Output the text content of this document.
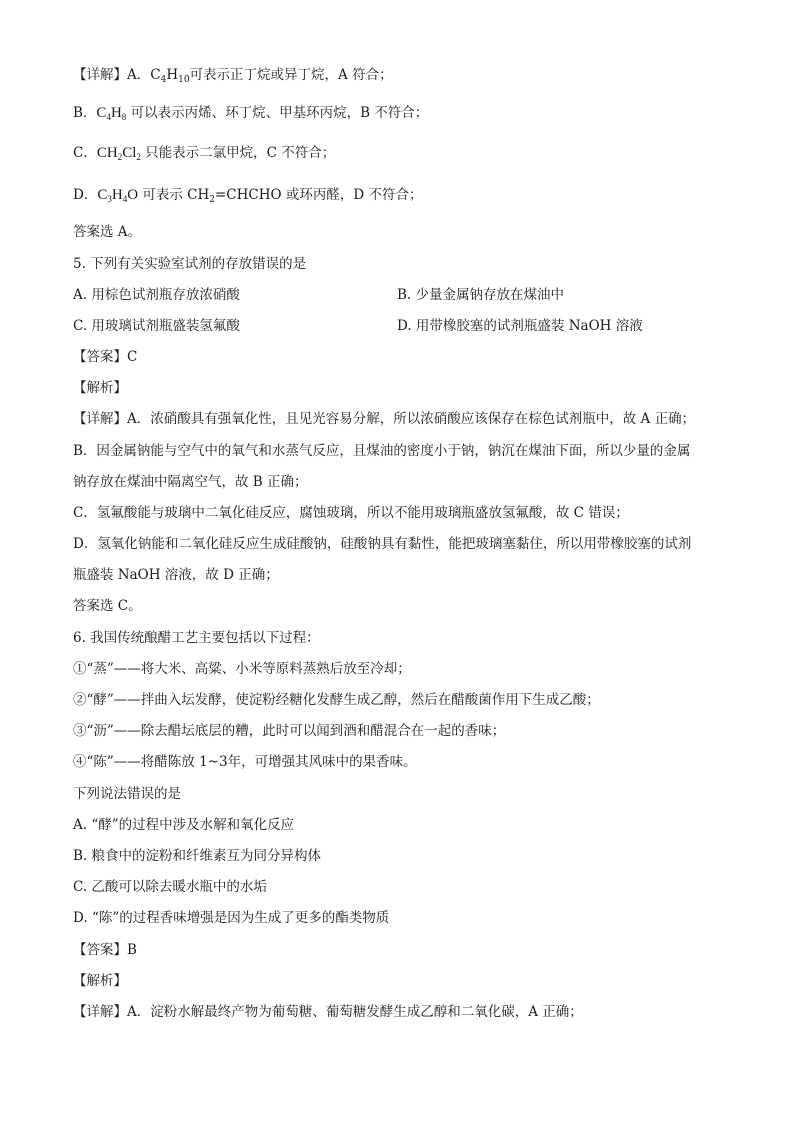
【详解】A．$C_4H_{10}$可表示正丁烷或异丁烷，A 符合；
B．$C_4H_8$ 可以表示丙烯、环丁烷、甲基环丙烷，B 不符合；
C．$CH_2Cl_2$ 只能表示二氯甲烷，C 不符合；
D．$C_3H_4O$ 可表示 $CH_2=CHCHO$ 或环丙醛，D 不符合；
答案选 A。
5. 下列有关实验室试剂的存放错误的是
A. 用棕色试剂瓶存放浓硝酸	B. 少量金属钠存放在煤油中
C. 用玻璃试剂瓶盛装氢氟酸	D. 用带橡胶塞的试剂瓶盛装 NaOH 溶液
【答案】C
【解析】
【详解】A．浓硝酸具有强氧化性，且见光容易分解，所以浓硝酸应该保存在棕色试剂瓶中，故 A 正确；
B．因金属钠能与空气中的氧气和水蒸气反应，且煤油的密度小于钠，钠沉在煤油下面，所以少量的金属
钠存放在煤油中隔离空气，故 B 正确；
C．氢氟酸能与玻璃中二氧化硅反应，腐蚀玻璃，所以不能用玻璃瓶盛放氢氟酸，故 C 错误；
D．氢氧化钠能和二氧化硅反应生成硅酸钠，硅酸钠具有黏性，能把玻璃塞黏住，所以用带橡胶塞的试剂
瓶盛装 NaOH 溶液，故 D 正确；
答案选 C。
6. 我国传统酿醋工艺主要包括以下过程：
①“蒸”——将大米、高粱、小米等原料蒸熟后放至冷却；
②“酵”——拌曲入坛发酵，使淀粉经糖化发酵生成乙醇，然后在醋酸菌作用下生成乙酸；
③“沥”——除去醋坛底层的糟，此时可以闻到酒和醋混合在一起的香味；
④“陈”——将醋陈放 1~3年，可增强其风味中的果香味。
下列说法错误的是
A. “酵”的过程中涉及水解和氧化反应
B. 粮食中的淀粉和纤维素互为同分异构体
C. 乙酸可以除去暖水瓶中的水垢
D. “陈”的过程香味增强是因为生成了更多的酯类物质
【答案】B
【解析】
【详解】A．淀粉水解最终产物为葡萄糖、葡萄糖发酵生成乙醇和二氧化碳，A 正确；
